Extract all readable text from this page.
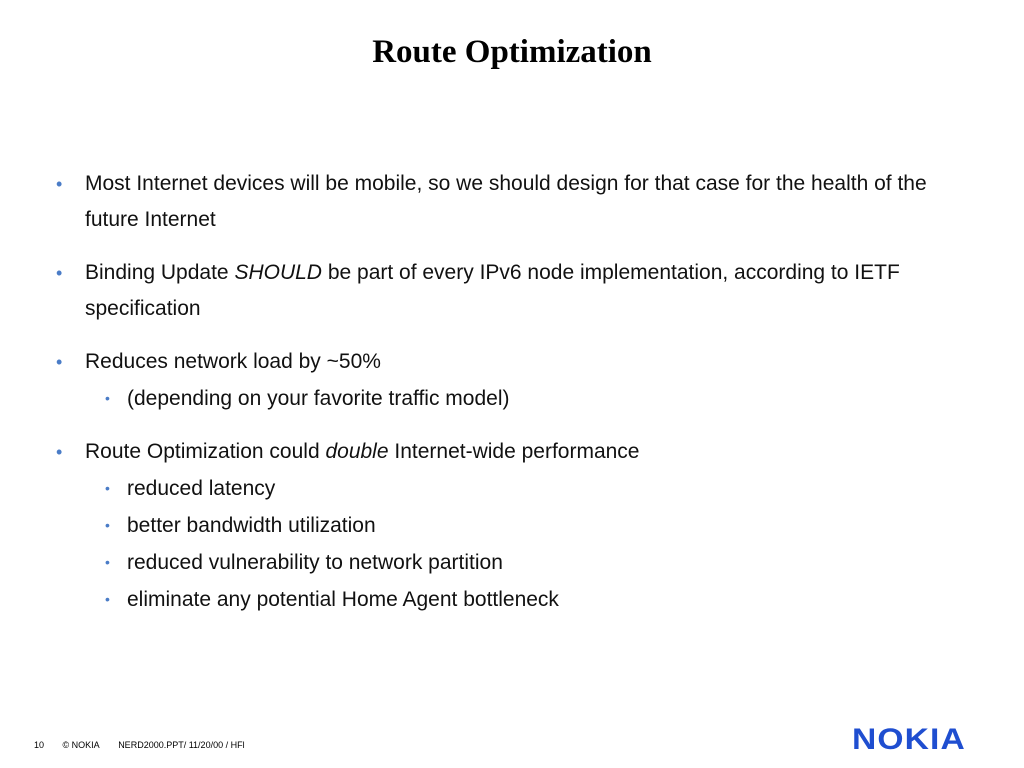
Route Optimization
• Most Internet devices will be mobile, so we should design for that case for the health of the future Internet
• Binding Update SHOULD be part of every IPv6 node implementation, according to IETF specification
• Reduces network load by ~50%
• (depending on your favorite traffic model)
• Route Optimization could double Internet-wide performance
• reduced latency
• better bandwidth utilization
• reduced vulnerability to network partition
• eliminate any potential Home Agent bottleneck
10 © NOKIA NERD2000.PPT/ 11/20/00 / HFl	NOKIA
